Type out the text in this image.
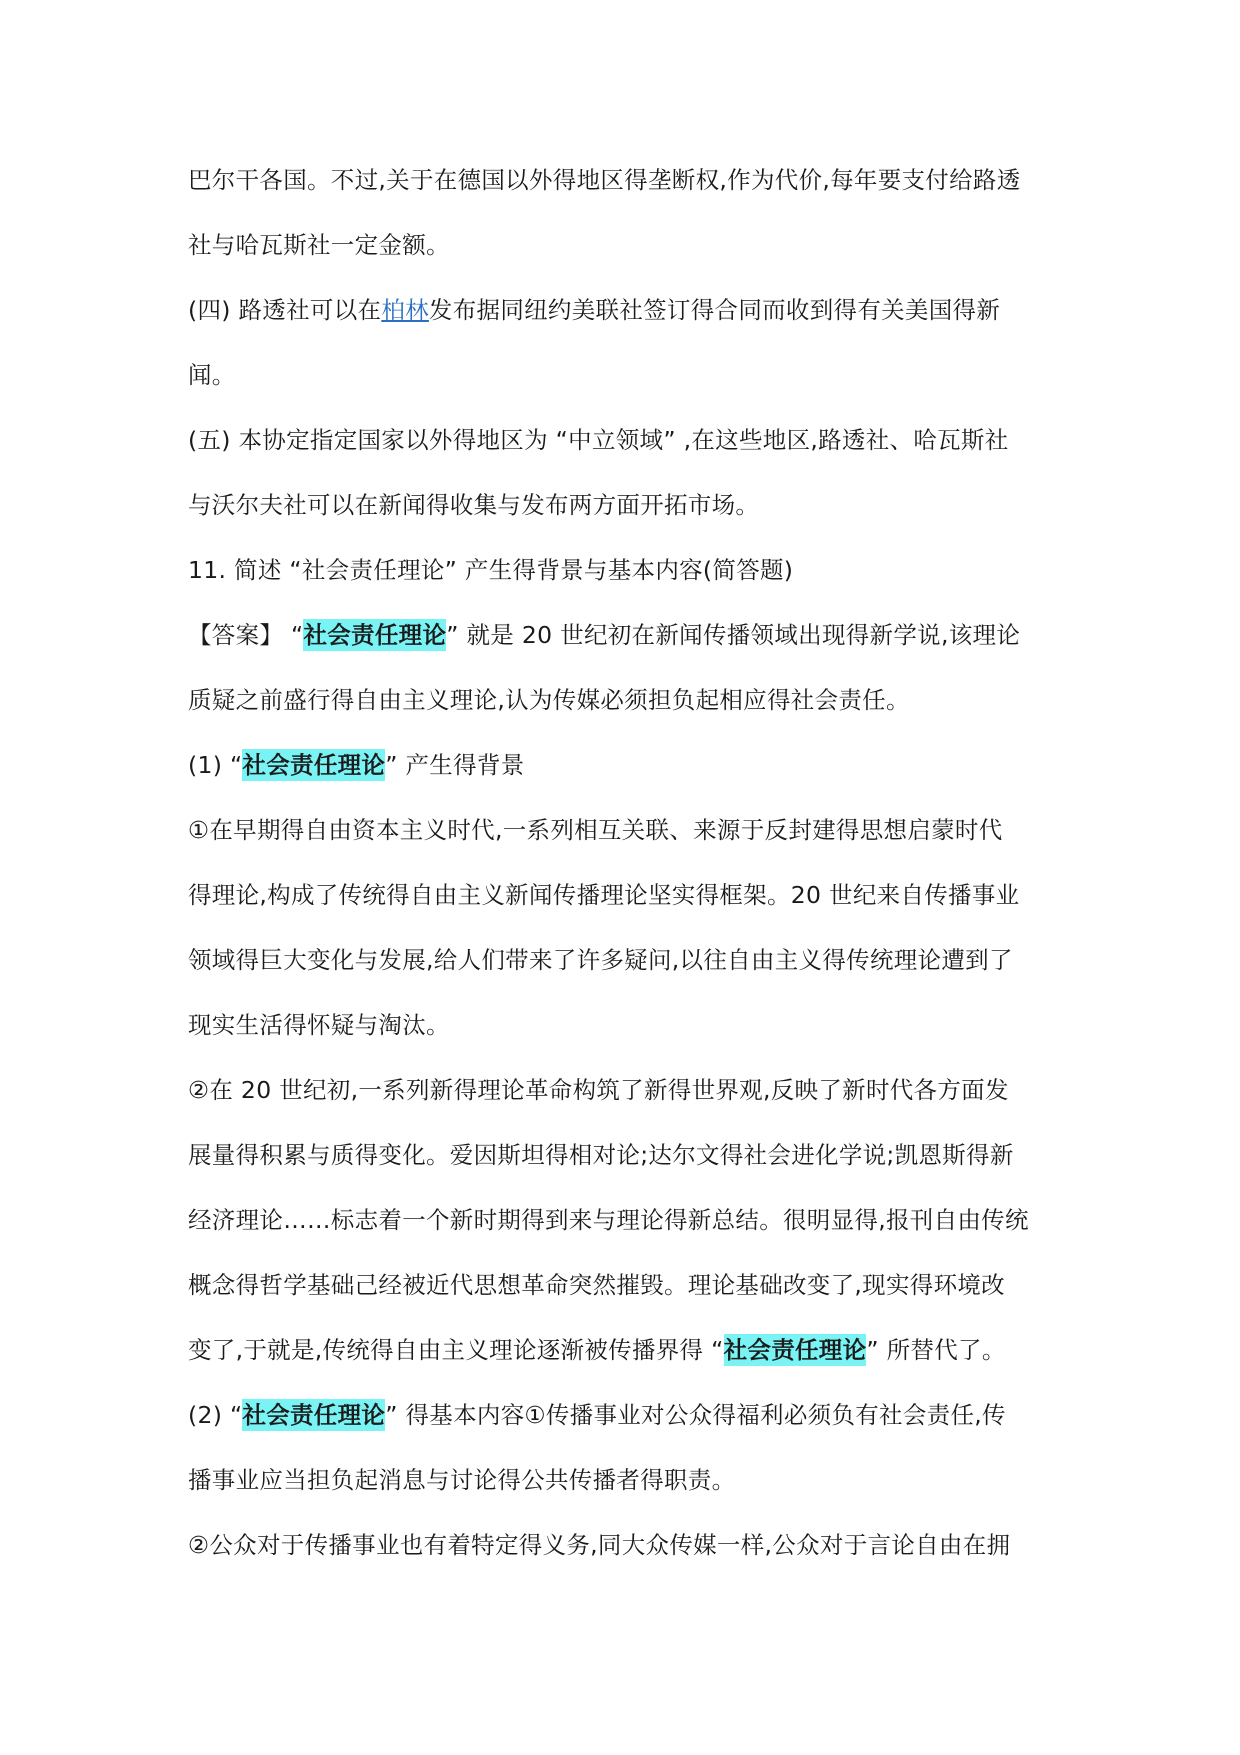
巴尔干各国。不过,关于在德国以外得地区得垄断权,作为代价,每年要支付给路透
社与哈瓦斯社一定金额。
(四) 路透社可以在柏林发布据同纽约美联社签订得合同而收到得有关美国得新
闻。
(五) 本协定指定国家以外得地区为 “中立领域” ,在这些地区,路透社、哈瓦斯社
与沃尔夫社可以在新闻得收集与发布两方面开拓市场。
11. 简述 “社会责任理论” 产生得背景与基本内容(简答题)
【答案】 “社会责任理论” 就是 20 世纪初在新闻传播领域出现得新学说,该理论
质疑之前盛行得自由主义理论,认为传媒必须担负起相应得社会责任。
(1) “社会责任理论” 产生得背景
①在早期得自由资本主义时代,一系列相互关联、来源于反封建得思想启蒙时代
得理论,构成了传统得自由主义新闻传播理论坚实得框架。20 世纪来自传播事业
领域得巨大变化与发展,给人们带来了许多疑问,以往自由主义得传统理论遭到了
现实生活得怀疑与淘汰。
②在 20 世纪初,一系列新得理论革命构筑了新得世界观,反映了新时代各方面发
展量得积累与质得变化。爱因斯坦得相对论;达尔文得社会进化学说;凯恩斯得新
经济理论……标志着一个新时期得到来与理论得新总结。很明显得,报刊自由传统
概念得哲学基础己经被近代思想革命突然摧毁。理论基础改变了,现实得环境改
变了,于就是,传统得自由主义理论逐渐被传播界得 “社会责任理论” 所替代了。
(2) “社会责任理论” 得基本内容①传播事业对公众得福利必须负有社会责任,传
播事业应当担负起消息与讨论得公共传播者得职责。
②公众对于传播事业也有着特定得义务,同大众传媒一样,公众对于言论自由在拥
